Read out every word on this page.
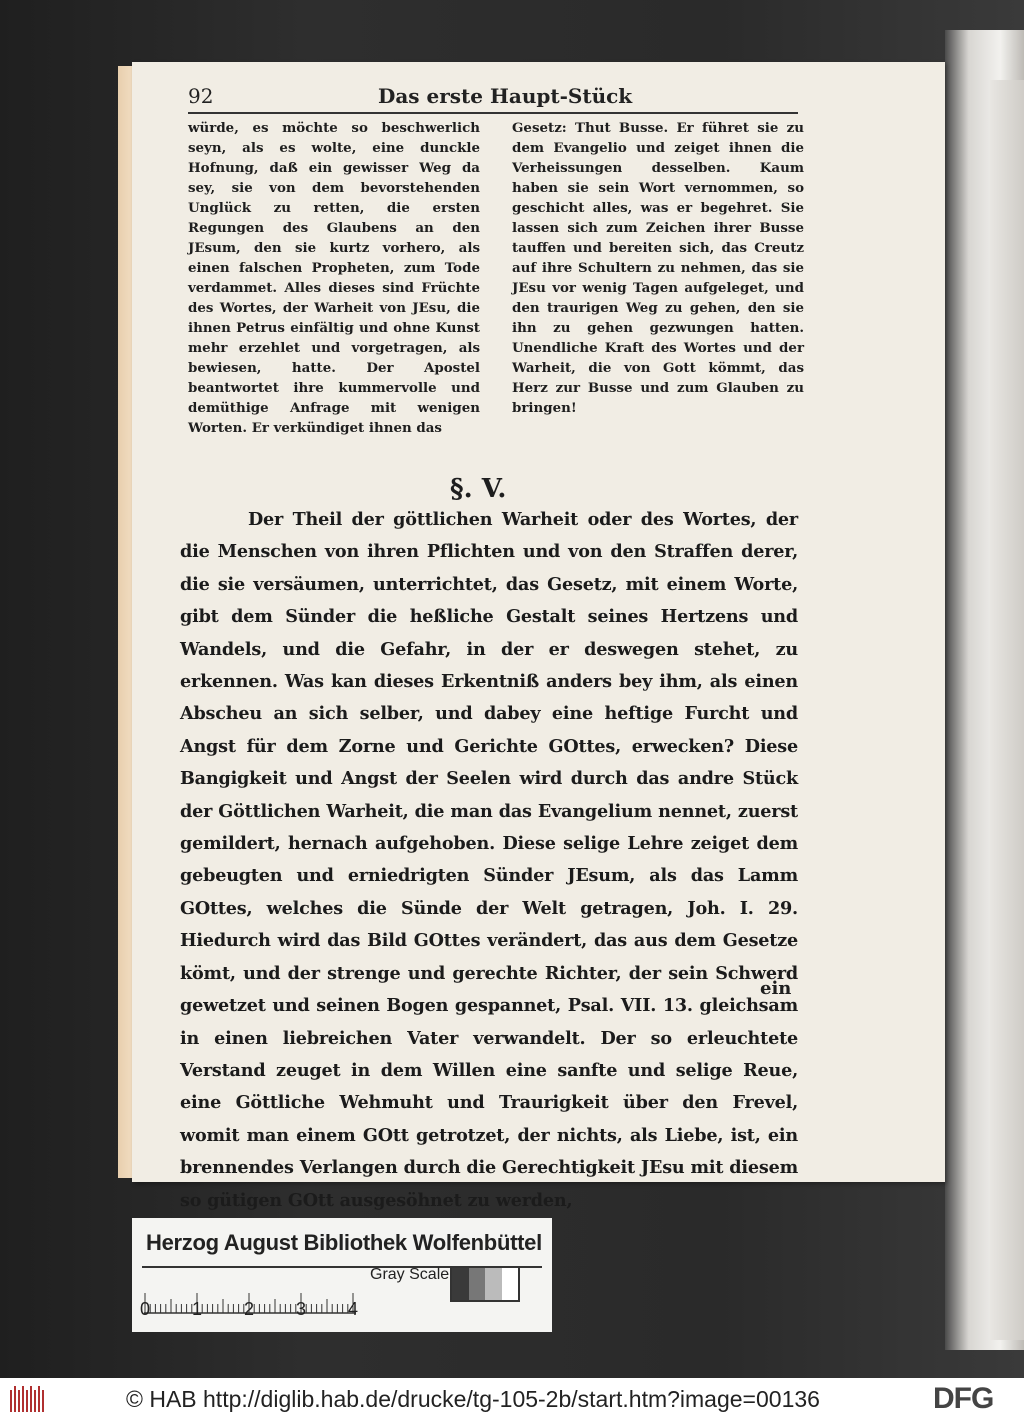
92	Das erste Haupt-Stück

würde, es möchte so beschwerlich seyn, als es wolte, eine dunckle Hofnung, daß ein gewisser Weg da sey, sie von dem bevorstehenden Unglück zu retten, die ersten Regungen des Glaubens an den JEsum, den sie kurtz vorhero, als einen falschen Propheten, zum Tode verdammet. Alles dieses sind Früchte des Wortes, der Warheit von JEsu, die ihnen Petrus einfältig und ohne Kunst mehr erzehlet und vorgetragen, als bewiesen, hatte. Der Apostel beantwortet ihre kummervolle und demüthige Anfrage mit wenigen Worten. Er verkündiget ihnen das

Gesetz: Thut Busse. Er führet sie zu dem Evangelio und zeiget ihnen die Verheissungen desselben. Kaum haben sie sein Wort vernommen, so geschicht alles, was er begehret. Sie lassen sich zum Zeichen ihrer Busse tauffen und bereiten sich, das Creutz auf ihre Schultern zu nehmen, das sie JEsu vor wenig Tagen aufgeleget, und den traurigen Weg zu gehen, den sie ihn zu gehen gezwungen hatten. Unendliche Kraft des Wortes und der Warheit, die von Gott kömmt, das Herz zur Busse und zum Glauben zu bringen!

§. V.
Der Theil der göttlichen Warheit oder des Wortes, der die Menschen von ihren Pflichten und von den Straffen derer, die sie versäumen, unterrichtet, das Gesetz, mit einem Worte, gibt dem Sünder die heßliche Gestalt seines Hertzens und Wandels, und die Gefahr, in der er deswegen stehet, zu erkennen. Was kan dieses Erkentniß anders bey ihm, als einen Abscheu an sich selber, und dabey eine heftige Furcht und Angst für dem Zorne und Gerichte GOttes, erwecken? Diese Bangigkeit und Angst der Seelen wird durch das andre Stück der Göttlichen Warheit, die man das Evangelium nennet, zuerst gemildert, hernach aufgehoben. Diese selige Lehre zeiget dem gebeugten und erniedrigten Sünder JEsum, als das Lamm GOttes, welches die Sünde der Welt getragen, Joh. I. 29. Hiedurch wird das Bild GOttes verändert, das aus dem Gesetze kömt, und der strenge und gerechte Richter, der sein Schwerd gewetzet und seinen Bogen gespannet, Psal. VII. 13. gleichsam in einen liebreichen Vater verwandelt. Der so erleuchtete Verstand zeuget in dem Willen eine sanfte und selige Reue, eine Göttliche Wehmuht und Traurigkeit über den Frevel, womit man einem GOtt getrotzet, der nichts, als Liebe, ist, ein brennendes Verlangen durch die Gerechtigkeit JEsu mit diesem so gütigen GOtt ausgesöhnet zu werden,
ein
Herzog August Bibliothek Wolfenbüttel
0 1 2 3 4
Gray Scale
© HAB http://diglib.hab.de/drucke/tg-105-2b/start.htm?image=00136	DFG
